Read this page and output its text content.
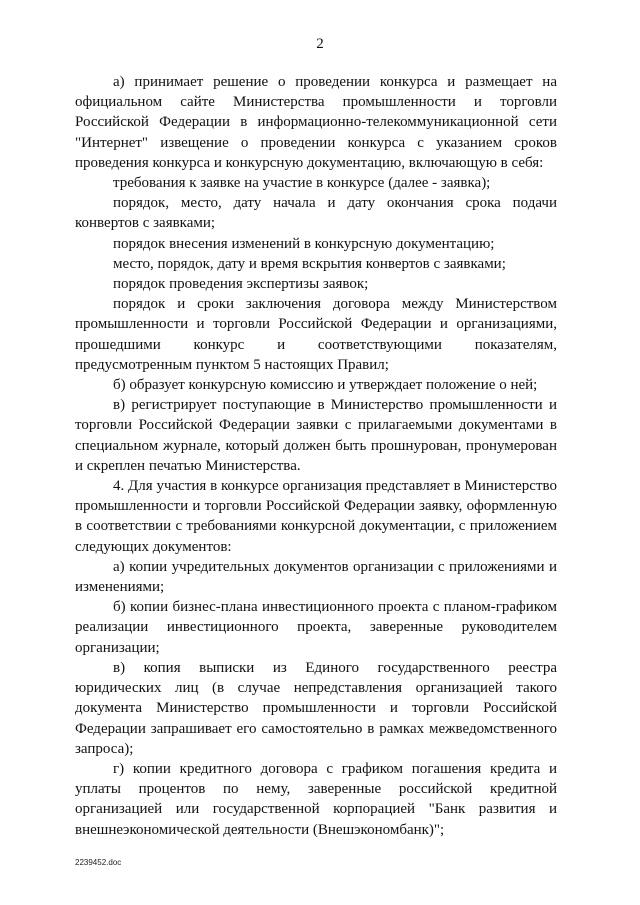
2

а) принимает решение о проведении конкурса и размещает на официальном сайте Министерства промышленности и торговли Российской Федерации в информационно-телекоммуникационной сети "Интернет" извещение о проведении конкурса с указанием сроков проведения конкурса и конкурсную документацию, включающую в себя:

требования к заявке на участие в конкурсе (далее - заявка);

порядок, место, дату начала и дату окончания срока подачи конвертов с заявками;

порядок внесения изменений в конкурсную документацию;

место, порядок, дату и время вскрытия конвертов с заявками;

порядок проведения экспертизы заявок;

порядок и сроки заключения договора между Министерством промышленности и торговли Российской Федерации и организациями, прошедшими конкурс и соответствующими показателям, предусмотренным пунктом 5 настоящих Правил;

б) образует конкурсную комиссию и утверждает положение о ней;

в) регистрирует поступающие в Министерство промышленности и торговли Российской Федерации заявки с прилагаемыми документами в специальном журнале, который должен быть прошнурован, пронумерован и скреплен печатью Министерства.

4. Для участия в конкурсе организация представляет в Министерство промышленности и торговли Российской Федерации заявку, оформленную в соответствии с требованиями конкурсной документации, с приложением следующих документов:

а) копии учредительных документов организации с приложениями и изменениями;

б) копии бизнес-плана инвестиционного проекта с планом-графиком реализации инвестиционного проекта, заверенные руководителем организации;

в) копия выписки из Единого государственного реестра юридических лиц (в случае непредставления организацией такого документа Министерство промышленности и торговли Российской Федерации запрашивает его самостоятельно в рамках межведомственного запроса);

г) копии кредитного договора с графиком погашения кредита и уплаты процентов по нему, заверенные российской кредитной организацией или государственной корпорацией "Банк развития и внешнеэкономической деятельности (Внешэкономбанк)";

2239452.doc
